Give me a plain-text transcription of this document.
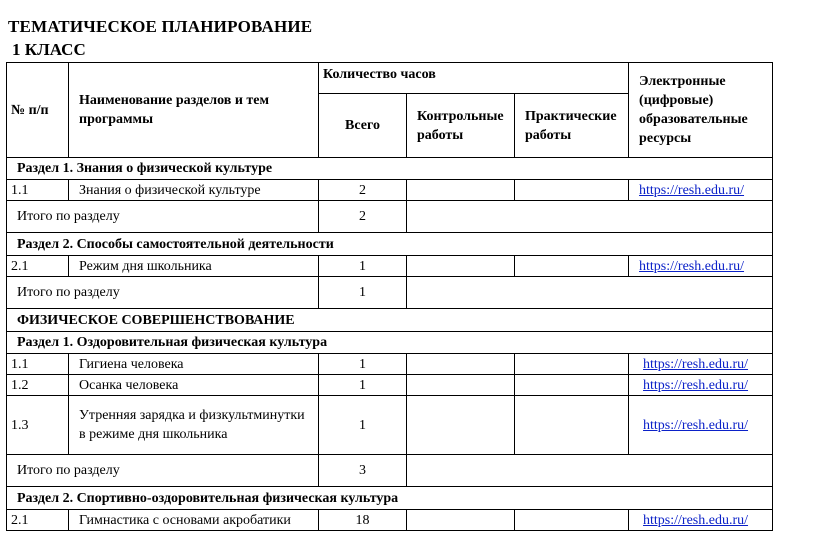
ТЕМАТИЧЕСКОЕ ПЛАНИРОВАНИЕ
1 КЛАСС
№ п/п	Наименование разделов и тем программы	Количество часов			Электронные (цифровые) образовательные ресурсы
		Всего	Контрольные работы	Практические работы	
Раздел 1. Знания о физической культуре					
1.1	Знания о физической культуре	2			https://resh.edu.ru/
Итого по разделу		2			
Раздел 2. Способы самостоятельной деятельности					
2.1	Режим дня школьника	1			https://resh.edu.ru/
Итого по разделу		1			
ФИЗИЧЕСКОЕ СОВЕРШЕНСТВОВАНИЕ					
Раздел 1. Оздоровительная физическая культура					
1.1	Гигиена человека	1			https://resh.edu.ru/
1.2	Осанка человека	1			https://resh.edu.ru/
1.3	Утренняя зарядка и физкультминутки в режиме дня школьника	1			https://resh.edu.ru/
Итого по разделу		3			
Раздел 2. Спортивно-оздоровительная физическая культура					
2.1	Гимнастика с основами акробатики	18			https://resh.edu.ru/
